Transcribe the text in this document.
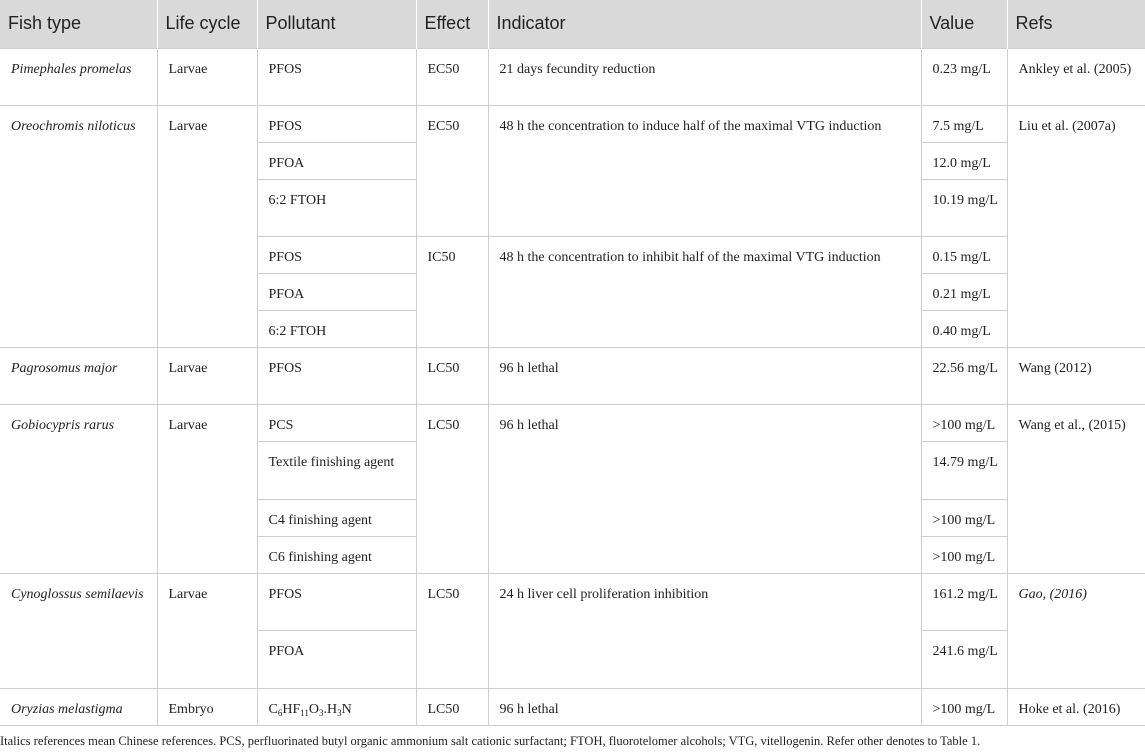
Fish type	Life cycle	Pollutant	Effect	Indicator	Value	Refs
Pimephales promelas	Larvae	PFOS	EC50	21 days fecundity reduction	0.23 mg/L	Ankley et al. (2005)
Oreochromis niloticus	Larvae	PFOS	EC50	48 h the concentration to induce half of the maximal VTG induction	7.5 mg/L	Liu et al. (2007a)
		PFOA			12.0 mg/L	
		6:2 FTOH			10.19 mg/L	
		PFOS	IC50	48 h the concentration to inhibit half of the maximal VTG induction	0.15 mg/L	
		PFOA			0.21 mg/L	
		6:2 FTOH			0.40 mg/L	
Pagrosomus major	Larvae	PFOS	LC50	96 h lethal	22.56 mg/L	Wang (2012)
Gobiocypris rarus	Larvae	PCS	LC50	96 h lethal	>100 mg/L	Wang et al., (2015)
		Textile finishing agent			14.79 mg/L	
		C4 finishing agent			>100 mg/L	
		C6 finishing agent			>100 mg/L	
Cynoglossus semilaevis	Larvae	PFOS	LC50	24 h liver cell proliferation inhibition	161.2 mg/L	Gao, (2016)
		PFOA			241.6 mg/L	
Oryzias melastigma	Embryo	$C_6HF_{11}O_3.H_3N$	LC50	96 h lethal	>100 mg/L	Hoke et al. (2016)
Italics references mean Chinese references. PCS, perfluorinated butyl organic ammonium salt cationic surfactant; FTOH, fluorotelomer alcohols; VTG, vitellogenin. Refer other denotes to Table 1.
